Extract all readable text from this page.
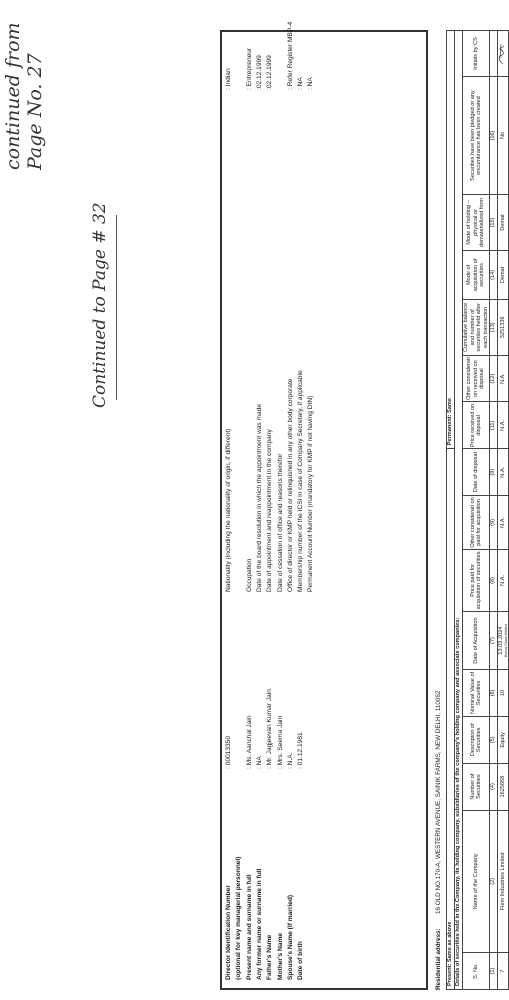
continued from Page No. 27
Continued to Page # 32
Director Identification Number
: 00013350
(optional for key managerial personnel) Present name and surname in full
: Ms. Aanchal Jain
Any former name or surname in full
: NA
Father's Name
: Mr. Jagjeevan Kumar Jain
Mother's Name
: Mrs. Seema Jain
Spouse's Name (If married)
: N.A.
Date of birth
: 01.12.1981
Nationality (including the nationality of origin, if different)
: Indian
Occupation
: Entrepreneur
Date of the board resolution in which the appointment was made
:02.12.1999
Date of appointment and reappointment in the company
:02.12.1999
Date of cessation of office and reasons therefor Office of director or KMP held or relinquished in any other body corporate
: Refer Register MBP-4
Membership number of the ICSI in case of Company Secretary, if applicable
: NA
Permanent Account Number (mandatory for KMP if not having DIN)
: NA
Residential address:
16 OLD NO.170-A, WESTERN AVENUE, SAINIK FARMS, NEW DELHI, 110062
Present: Same as above									Permanent: Same						
Details of securities held in the Company, its holding company, subsidiaries of the company's holding company and associate companies:															
S. No.	Name of the Company	Number of Securities	Descripton of Securities	Nominal Value of Securities	Date of Acquisition	Price paid for acquisition of securities	Other considerati on paid for acquisition	Date of disposal	Price received on disposal	Other considerati on received on disposal	Cumulative balance and number of securities held after each transaction	Mode of acquisition of securities	Mode of holding – physical or dematerialized form	Securities have been pledged or any encumbrance has been created	Initials by CS
(1)	(2)	(4)	(5)	(6)	(7)	(8)	(9)	(9)	(11)	(12)	(13)	(14)	(15)	(16)	
7	Fiem Industries Limited	1625668	Equity	10	13.03.2024 Bonus Share Alloted	N.A.	N.A.	N.A.	N.A.	N.A.	3251336	Demat	Demat	No	
